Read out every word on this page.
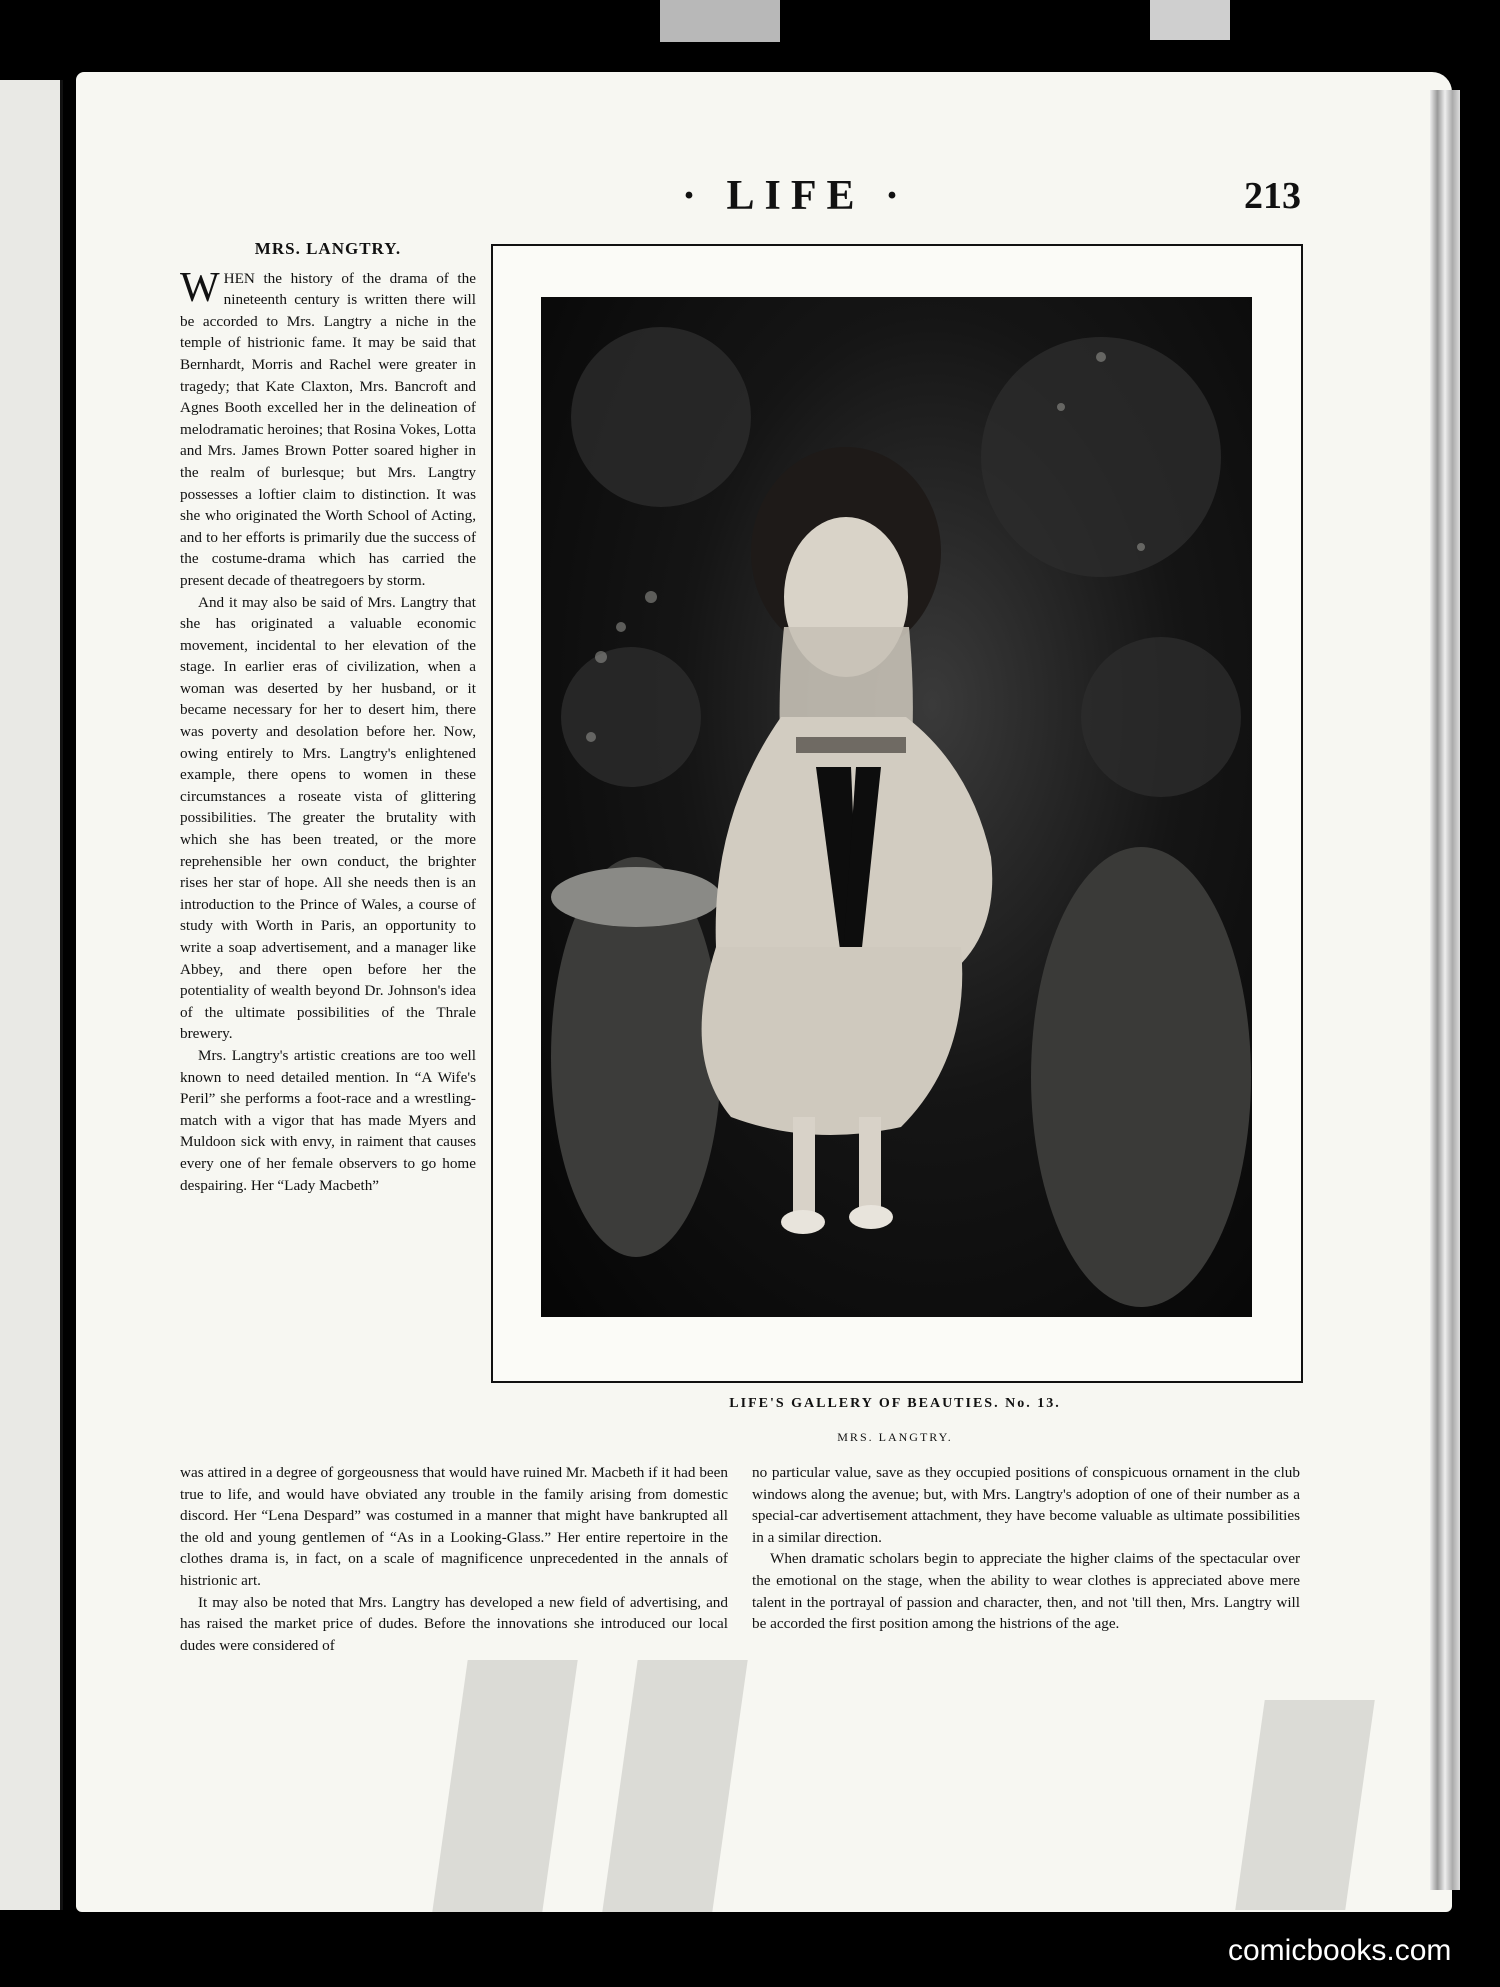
· LIFE ·	213
MRS. LANGTRY.

WHEN the history of the drama of the nineteenth century is written there will be accorded to Mrs. Langtry a niche in the temple of histrionic fame. It may be said that Bernhardt, Morris and Rachel were greater in tragedy; that Kate Claxton, Mrs. Bancroft and Agnes Booth excelled her in the delineation of melodramatic heroines; that Rosina Vokes, Lotta and Mrs. James Brown Potter soared higher in the realm of burlesque; but Mrs. Langtry possesses a loftier claim to distinction. It was she who originated the Worth School of Acting, and to her efforts is primarily due the success of the costume-drama which has carried the present decade of theatregoers by storm.

And it may also be said of Mrs. Langtry that she has originated a valuable economic movement, incidental to her elevation of the stage. In earlier eras of civilization, when a woman was deserted by her husband, or it became necessary for her to desert him, there was poverty and desolation before her. Now, owing entirely to Mrs. Langtry's enlightened example, there opens to women in these circumstances a roseate vista of glittering possibilities. The greater the brutality with which she has been treated, or the more reprehensible her own conduct, the brighter rises her star of hope. All she needs then is an introduction to the Prince of Wales, a course of study with Worth in Paris, an opportunity to write a soap advertisement, and a manager like Abbey, and there open before her the potentiality of wealth beyond Dr. Johnson's idea of the ultimate possibilities of the Thrale brewery.

Mrs. Langtry's artistic creations are too well known to need detailed mention. In “A Wife's Peril” she performs a foot-race and a wrestling-match with a vigor that has made Myers and Muldoon sick with envy, in raiment that causes every one of her female observers to go home despairing. Her “Lady Macbeth”

LIFE'S GALLERY OF BEAUTIES. No. 13.
MRS. LANGTRY.

was attired in a degree of gorgeousness that would have ruined Mr. Macbeth if it had been true to life, and would have obviated any trouble in the family arising from domestic discord. Her “Lena Despard” was costumed in a manner that might have bankrupted all the old and young gentlemen of “As in a Looking-Glass.” Her entire repertoire in the clothes drama is, in fact, on a scale of magnificence unprecedented in the annals of histrionic art.

It may also be noted that Mrs. Langtry has developed a new field of advertising, and has raised the market price of dudes. Before the innovations she introduced our local dudes were considered of

no particular value, save as they occupied positions of conspicuous ornament in the club windows along the avenue; but, with Mrs. Langtry's adoption of one of their number as a special-car advertisement attachment, they have become valuable as ultimate possibilities in a similar direction.

When dramatic scholars begin to appreciate the higher claims of the spectacular over the emotional on the stage, when the ability to wear clothes is appreciated above mere talent in the portrayal of passion and character, then, and not 'till then, Mrs. Langtry will be accorded the first position among the histrions of the age.

comicbooks.com
